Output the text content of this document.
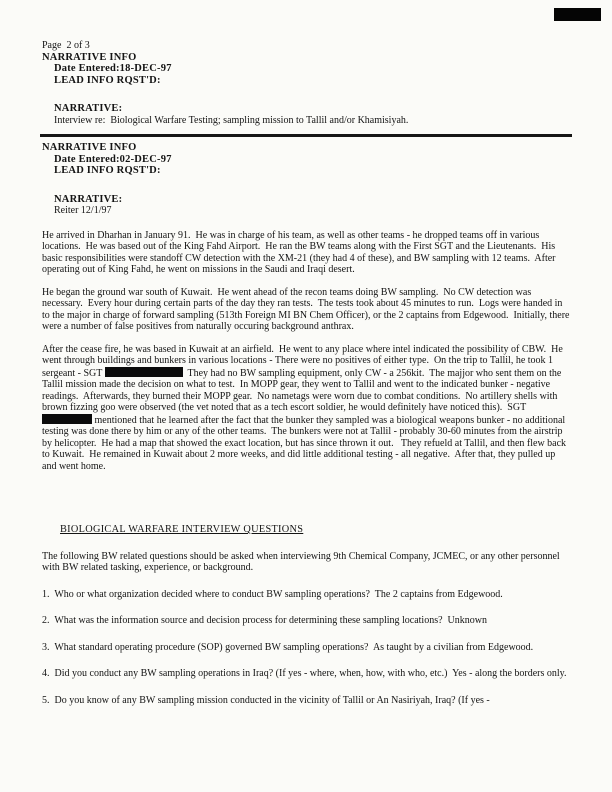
Page  2 of 3
NARRATIVE INFO
Date Entered:18-DEC-97
LEAD INFO RQST'D:
NARRATIVE:
Interview re:  Biological Warfare Testing; sampling mission to Tallil and/or Khamisiyah.
NARRATIVE INFO
Date Entered:02-DEC-97
LEAD INFO RQST'D:
NARRATIVE:
Reiter 12/1/97

He arrived in Dharhan in January 91.  He was in charge of his team, as well as other teams - he dropped teams off in various locations.  He was based out of the King Fahd Airport.  He ran the BW teams along with the First SGT and the Lieutenants.  His basic responsibilities were standoff CW detection with the XM-21 (they had 4 of these), and BW sampling with 12 teams.  After operating out of King Fahd, he went on missions in the Saudi and Iraqi desert.

He began the ground war south of Kuwait.  He went ahead of the recon teams doing BW sampling.  No CW detection was necessary.  Every hour during certain parts of the day they ran tests.  The tests took about 45 minutes to run.  Logs were handed in to the major in charge of forward sampling (513th Foreign MI BN Chem Officer), or the 2 captains from Edgewood.  Initially, there were a number of false positives from naturally occuring background anthrax.

After the cease fire, he was based in Kuwait at an airfield.  He went to any place where intel indicated the possibility of CBW.  He went through buildings and bunkers in various locations - There were no positives of either type.  On the trip to Tallil, he took 1 sergeant - SGT	They had no BW sampling equipment, only CW - a 256kit.  The majjor who sent them on the Tallil mission made the decision on what to test.  In MOPP gear, they went to Tallil and went to the indicated bunker - negative readings.  Afterwards, they burned their MOPP gear.  No nametags were worn due to combat conditions.  No artillery shells with brown fizzing goo were observed (the vet noted that as a tech escort soldier, he would definitely have noticed this).  SGT  mentioned that he learned after the fact that the bunker they sampled was a biological weapons bunker - no additional testing was done there by him or any of the other teams.  The bunkers were not at Tallil - probably 30-60 minutes from the airstrip by helicopter.  He had a map that showed the exact location, but has since thrown it out.   They refueld at Tallil, and then flew back to Kuwait.  He remained in Kuwait about 2 more weeks, and did little additional testing - all negative.  After that, they pulled up and went home.

BIOLOGICAL WARFARE INTERVIEW QUESTIONS

The following BW related questions should be asked when interviewing 9th Chemical Company, JCMEC, or any other personnel with BW related tasking, experience, or background.

1.  Who or what organization decided where to conduct BW sampling operations?  The 2 captains from Edgewood.

2.  What was the information source and decision process for determining these sampling locations?  Unknown

3.  What standard operating procedure (SOP) governed BW sampling operations?  As taught by a civilian from Edgewood.

4.  Did you conduct any BW sampling operations in Iraq? (If yes - where, when, how, with who, etc.)  Yes - along the borders only.

5.  Do you know of any BW sampling mission conducted in the vicinity of Tallil or An Nasiriyah, Iraq? (If yes -
